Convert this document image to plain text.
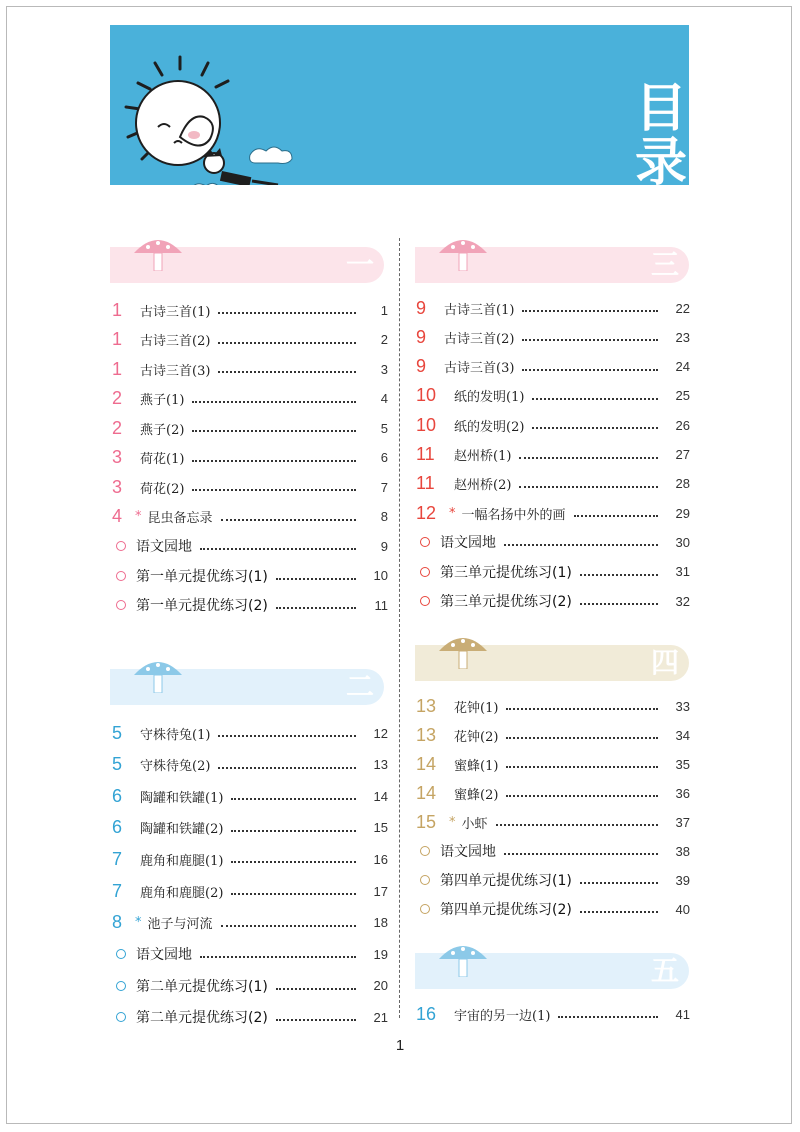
目
录
一
二
三
四
五
1	古诗三首(1)	1
1	古诗三首(2)	2
1	古诗三首(3)	3
2	燕子(1)	4
2	燕子(2)	5
3	荷花(1)	6
3	荷花(2)	7
4 * 昆虫备忘录	8
语文园地	9
第一单元提优练习(1)	10
第一单元提优练习(2)	11
5	守株待兔(1)	12
5	守株待兔(2)	13
6	陶罐和铁罐(1)	14
6	陶罐和铁罐(2)	15
7	鹿角和鹿腿(1)	16
7	鹿角和鹿腿(2)	17
8 * 池子与河流	18
语文园地	19
第二单元提优练习(1)	20
第二单元提优练习(2)	21
9	古诗三首(1)	22
9	古诗三首(2)	23
9	古诗三首(3)	24
10	纸的发明(1)	25
10	纸的发明(2)	26
11	赵州桥(1)	27
11	赵州桥(2)	28
12 * 一幅名扬中外的画	29
语文园地	30
第三单元提优练习(1)	31
第三单元提优练习(2)	32
13	花钟(1)	33
13	花钟(2)	34
14	蜜蜂(1)	35
14	蜜蜂(2)	36
15 * 小虾	37
语文园地	38
第四单元提优练习(1)	39
第四单元提优练习(2)	40
16	宇宙的另一边(1)	41
1
